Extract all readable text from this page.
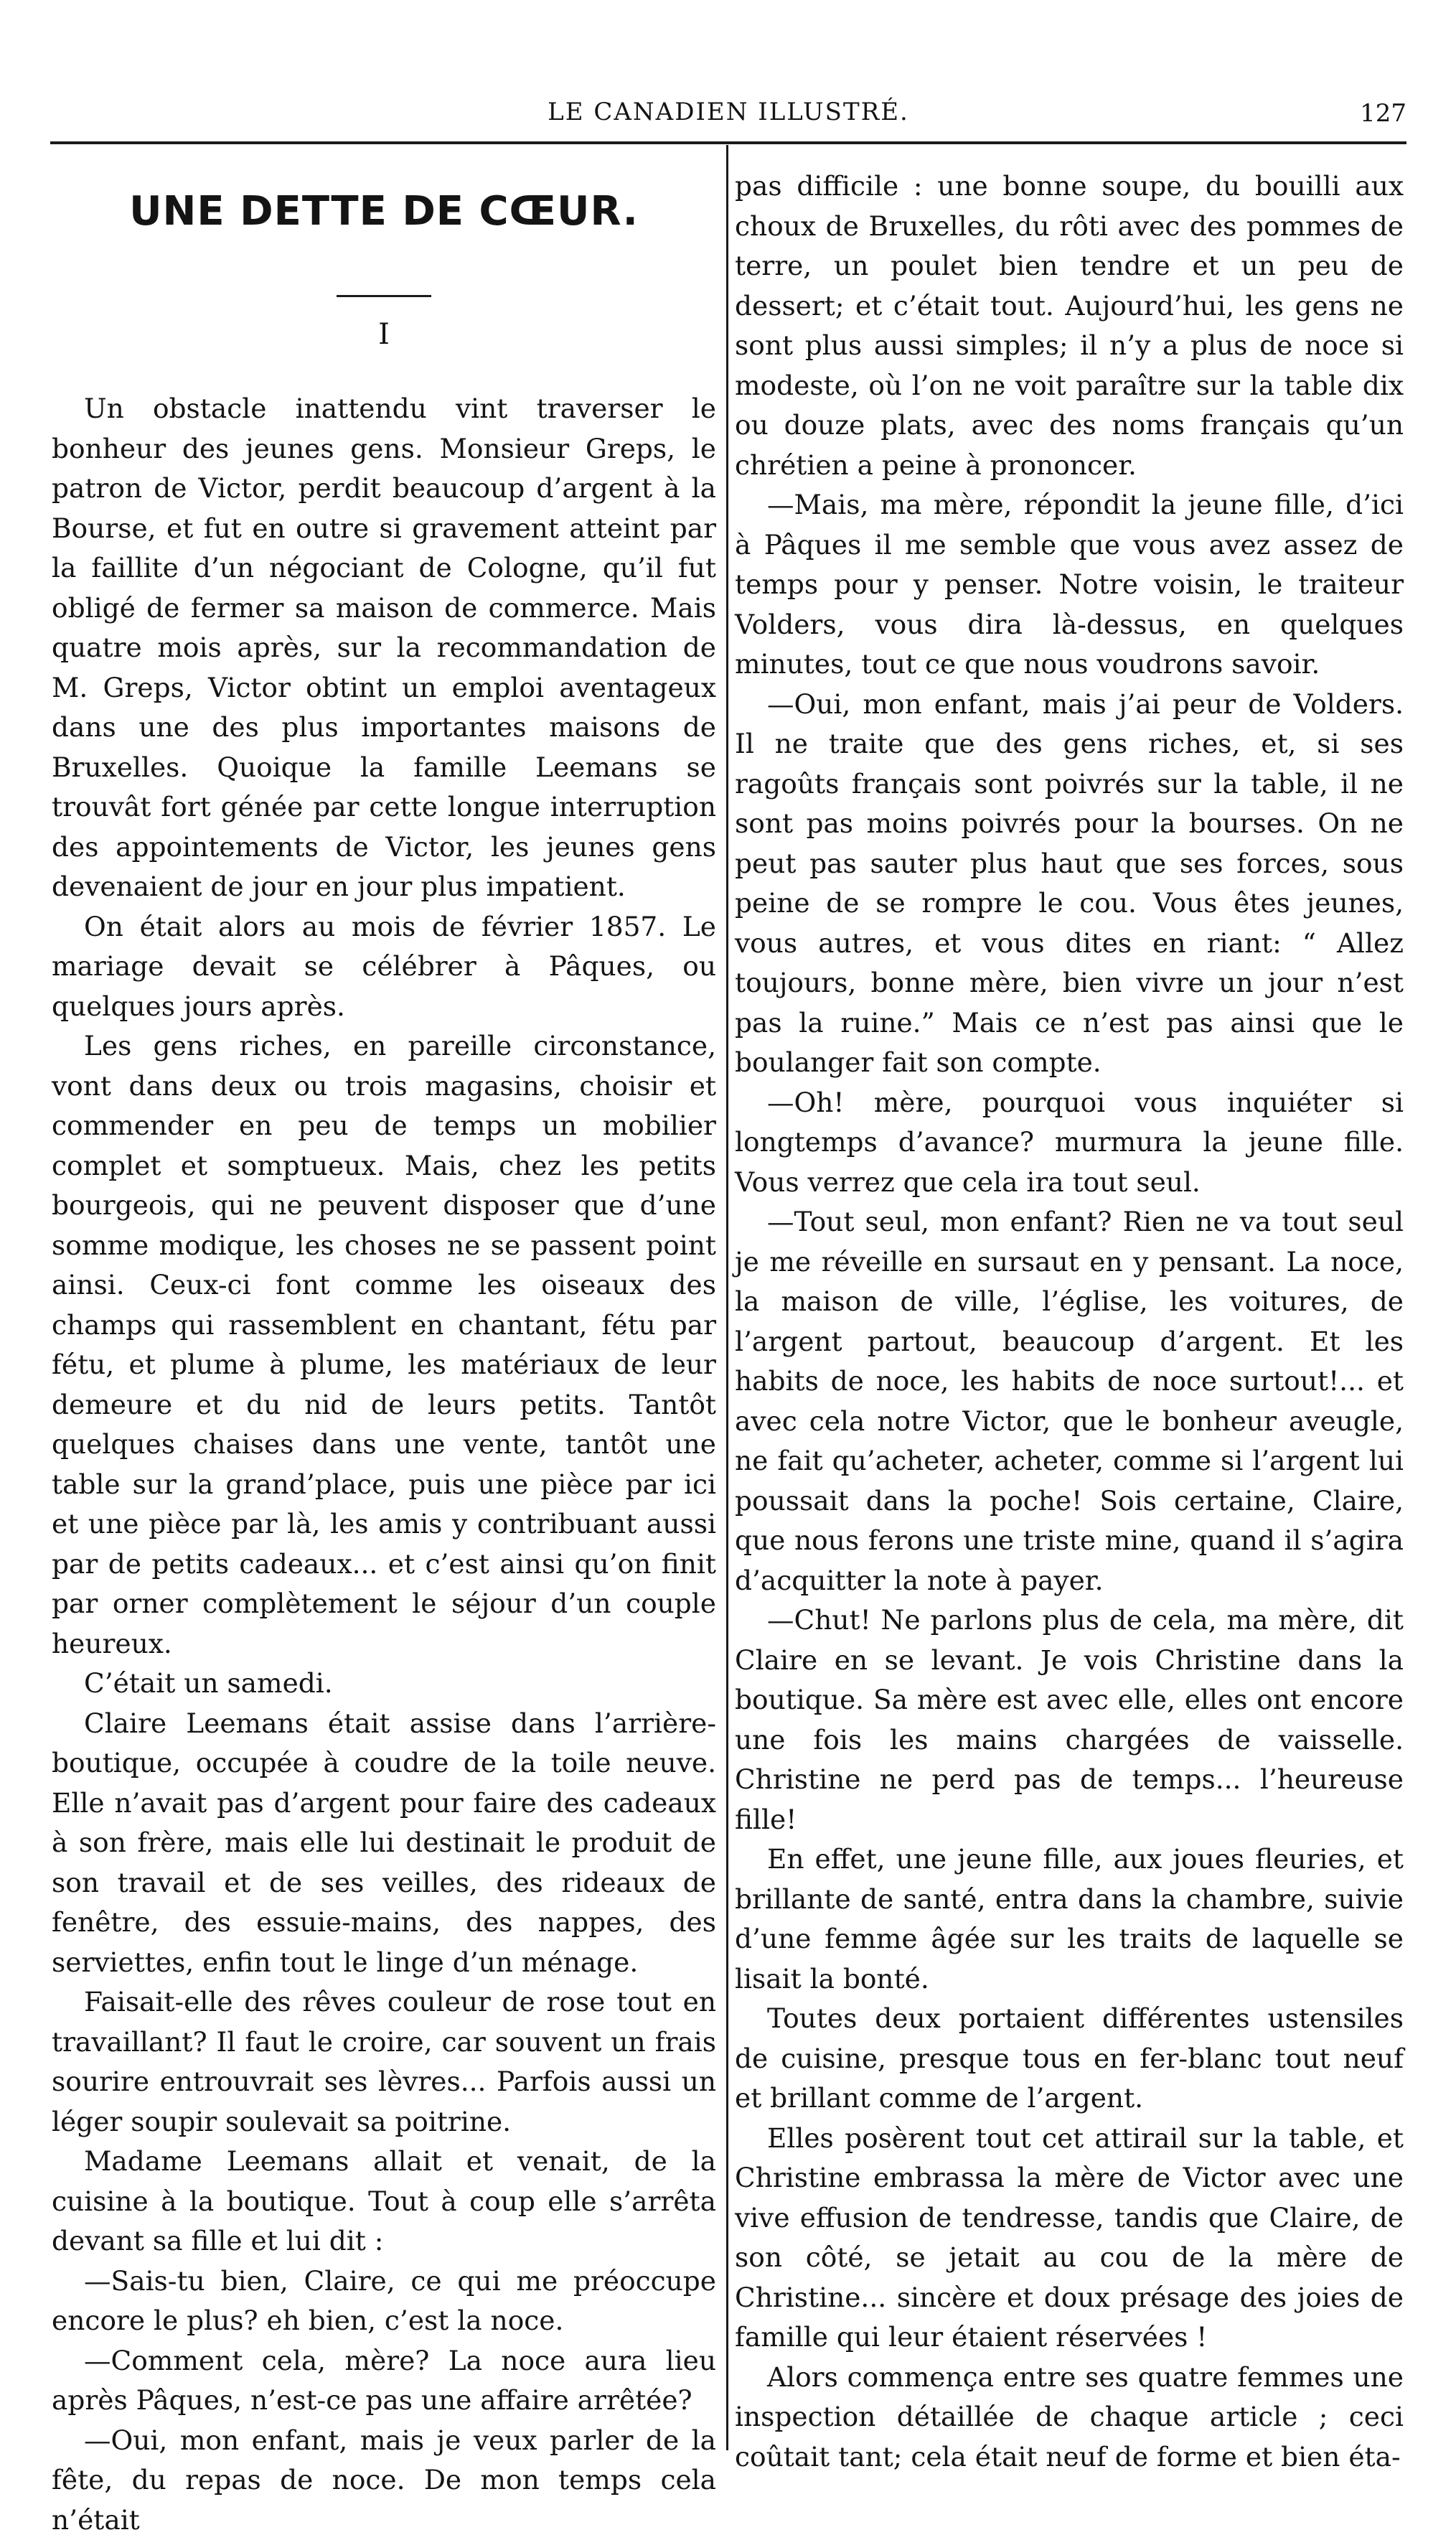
LE CANADIEN ILLUSTRÉ.	127
UNE DETTE DE CŒUR.
I

Un obstacle inattendu vint traverser le bonheur des jeunes gens. Monsieur Greps, le patron de Victor, perdit beaucoup d’argent à la Bourse, et fut en outre si gravement atteint par la faillite d’un négociant de Cologne, qu’il fut obligé de fermer sa maison de commerce. Mais quatre mois après, sur la recommandation de M. Greps, Victor obtint un emploi aventageux dans une des plus importantes maisons de Bruxelles. Quoique la famille Leemans se trouvât fort génée par cette longue interruption des appointements de Victor, les jeunes gens devenaient de jour en jour plus impatient.

On était alors au mois de février 1857. Le mariage devait se célébrer à Pâques, ou quelques jours après.

Les gens riches, en pareille circonstance, vont dans deux ou trois magasins, choisir et commender en peu de temps un mobilier complet et somptueux. Mais, chez les petits bourgeois, qui ne peuvent disposer que d’une somme modique, les choses ne se passent point ainsi. Ceux-ci font comme les oiseaux des champs qui rassemblent en chantant, fétu par fétu, et plume à plume, les matériaux de leur demeure et du nid de leurs petits. Tantôt quelques chaises dans une vente, tantôt une table sur la grand’place, puis une pièce par ici et une pièce par là, les amis y contribuant aussi par de petits cadeaux... et c’est ainsi qu’on finit par orner complètement le séjour d’un couple heureux.

C’était un samedi.

Claire Leemans était assise dans l’arrière-boutique, occupée à coudre de la toile neuve. Elle n’avait pas d’argent pour faire des cadeaux à son frère, mais elle lui destinait le produit de son travail et de ses veilles, des rideaux de fenêtre, des essuie-mains, des nappes, des serviettes, enfin tout le linge d’un ménage.

Faisait-elle des rêves couleur de rose tout en travaillant? Il faut le croire, car souvent un frais sourire entrouvrait ses lèvres... Parfois aussi un léger soupir soulevait sa poitrine.

Madame Leemans allait et venait, de la cuisine à la boutique. Tout à coup elle s’arrêta devant sa fille et lui dit :

—Sais-tu bien, Claire, ce qui me préoccupe encore le plus? eh bien, c’est la noce.

—Comment cela, mère? La noce aura lieu après Pâques, n’est-ce pas une affaire arrêtée?

—Oui, mon enfant, mais je veux parler de la fête, du repas de noce. De mon temps cela n’était

pas difficile : une bonne soupe, du bouilli aux choux de Bruxelles, du rôti avec des pommes de terre, un poulet bien tendre et un peu de dessert; et c’était tout. Aujourd’hui, les gens ne sont plus aussi simples; il n’y a plus de noce si modeste, où l’on ne voit paraître sur la table dix ou douze plats, avec des noms français qu’un chrétien a peine à prononcer.

—Mais, ma mère, répondit la jeune fille, d’ici à Pâques il me semble que vous avez assez de temps pour y penser. Notre voisin, le traiteur Volders, vous dira là-dessus, en quelques minutes, tout ce que nous voudrons savoir.

—Oui, mon enfant, mais j’ai peur de Volders. Il ne traite que des gens riches, et, si ses ragoûts français sont poivrés sur la table, il ne sont pas moins poivrés pour la bourses. On ne peut pas sauter plus haut que ses forces, sous peine de se rompre le cou. Vous êtes jeunes, vous autres, et vous dites en riant: “ Allez toujours, bonne mère, bien vivre un jour n’est pas la ruine.” Mais ce n’est pas ainsi que le boulanger fait son compte.

—Oh! mère, pourquoi vous inquiéter si longtemps d’avance? murmura la jeune fille. Vous verrez que cela ira tout seul.

—Tout seul, mon enfant? Rien ne va tout seul je me réveille en sursaut en y pensant. La noce, la maison de ville, l’église, les voitures, de l’argent partout, beaucoup d’argent. Et les habits de noce, les habits de noce surtout!... et avec cela notre Victor, que le bonheur aveugle, ne fait qu’acheter, acheter, comme si l’argent lui poussait dans la poche! Sois certaine, Claire, que nous ferons une triste mine, quand il s’agira d’acquitter la note à payer.

—Chut! Ne parlons plus de cela, ma mère, dit Claire en se levant. Je vois Christine dans la boutique. Sa mère est avec elle, elles ont encore une fois les mains chargées de vaisselle. Christine ne perd pas de temps... l’heureuse fille!

En effet, une jeune fille, aux joues fleuries, et brillante de santé, entra dans la chambre, suivie d’une femme âgée sur les traits de laquelle se lisait la bonté.

Toutes deux portaient différentes ustensiles de cuisine, presque tous en fer-blanc tout neuf et brillant comme de l’argent.

Elles posèrent tout cet attirail sur la table, et Christine embrassa la mère de Victor avec une vive effusion de tendresse, tandis que Claire, de son côté, se jetait au cou de la mère de Christine... sincère et doux présage des joies de famille qui leur étaient réservées !

Alors commença entre ses quatre femmes une inspection détaillée de chaque article ; ceci coûtait tant; cela était neuf de forme et bien éta-
